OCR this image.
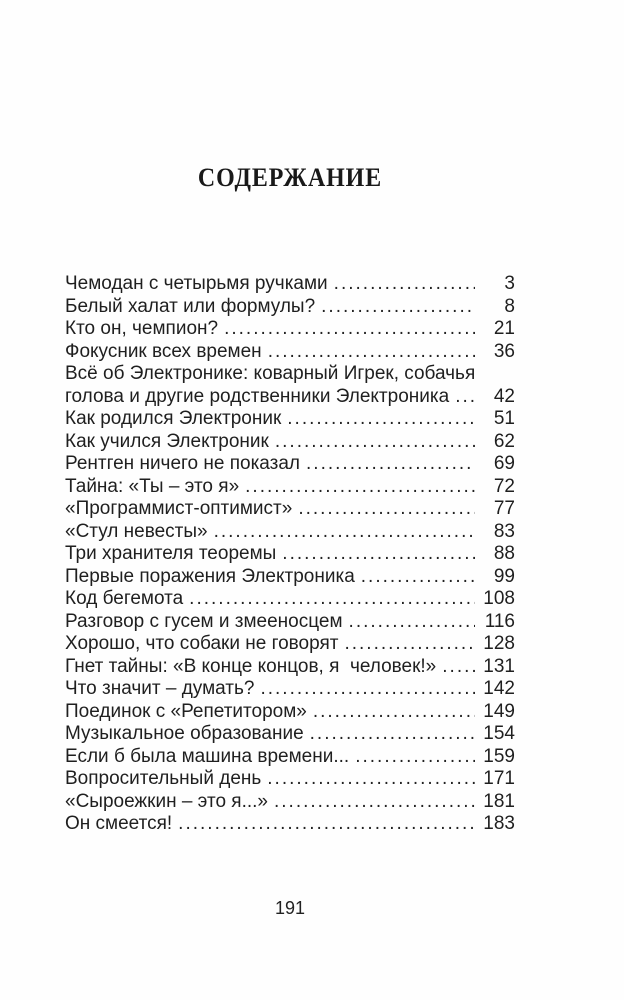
СОДЕРЖАНИЕ
Чемодан с четырьмя ручками .....	3
Белый халат или формулы? .....	8
Кто он, чемпион? .....	21
Фокусник всех времен .....	36
Всё об Электронике: коварный Игрек, собачья
голова и другие родственники Электроника .....	42
Как родился Электроник .....	51
Как учился Электроник .....	62
Рентген ничего не показал .....	69
Тайна: «Ты – это я» .....	72
«Программист-оптимист» .....	77
«Стул невесты» .....	83
Три хранителя теоремы .....	88
Первые поражения Электроника .....	99
Код бегемота .....	108
Разговор с гусем и змееносцем .....	116
Хорошо, что собаки не говорят .....	128
Гнет тайны: «В конце концов, я  человек!» ..... 131
Что значит – думать? .....	142
Поединок с «Репетитором» .....	149
Музыкальное образование .....	154
Если б была машина времени... .....	159
Вопросительный день .....	171
«Сыроежкин – это я...» .....	181
Он смеется! .....	183
191
